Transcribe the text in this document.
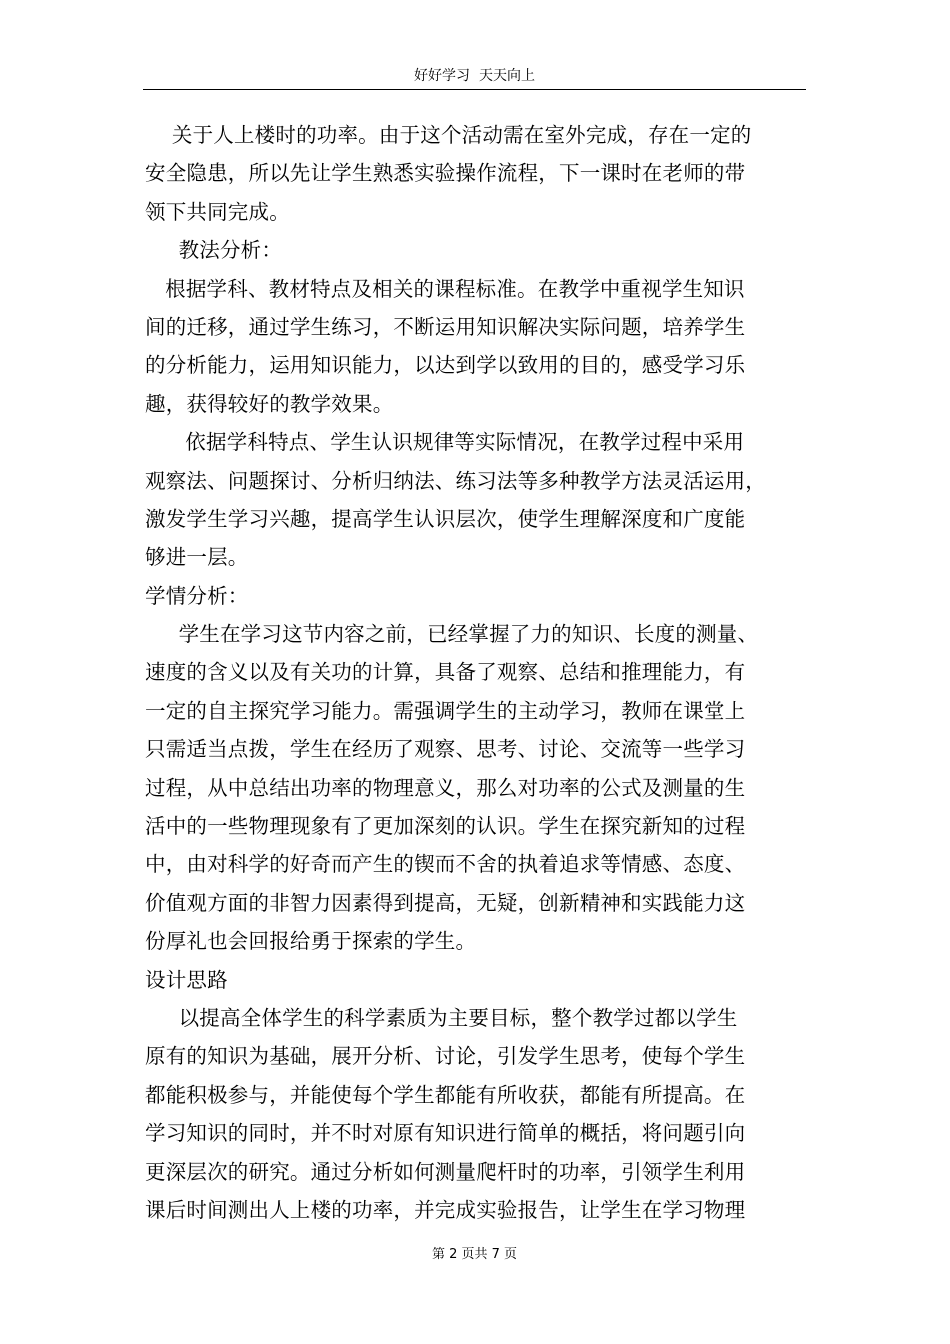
好好学习  天天向上
关于人上楼时的功率。由于这个活动需在室外完成，存在一定的
安全隐患，所以先让学生熟悉实验操作流程，下一课时在老师的带
领下共同完成。
教法分析：
根据学科、教材特点及相关的课程标准。在教学中重视学生知识
间的迁移，通过学生练习，不断运用知识解决实际问题，培养学生
的分析能力，运用知识能力，以达到学以致用的目的，感受学习乐
趣，获得较好的教学效果。
依据学科特点、学生认识规律等实际情况，在教学过程中采用
观察法、问题探讨、分析归纳法、练习法等多种教学方法灵活运用，
激发学生学习兴趣，提高学生认识层次，使学生理解深度和广度能
够进一层。
学情分析：
学生在学习这节内容之前，已经掌握了力的知识、长度的测量、
速度的含义以及有关功的计算，具备了观察、总结和推理能力，有
一定的自主探究学习能力。需强调学生的主动学习，教师在课堂上
只需适当点拨，学生在经历了观察、思考、讨论、交流等一些学习
过程，从中总结出功率的物理意义，那么对功率的公式及测量的生
活中的一些物理现象有了更加深刻的认识。学生在探究新知的过程
中，由对科学的好奇而产生的锲而不舍的执着追求等情感、态度、
价值观方面的非智力因素得到提高，无疑，创新精神和实践能力这
份厚礼也会回报给勇于探索的学生。
设计思路
以提高全体学生的科学素质为主要目标，整个教学过都以学生
原有的知识为基础，展开分析、讨论，引发学生思考，使每个学生
都能积极参与，并能使每个学生都能有所收获，都能有所提高。在
学习知识的同时，并不时对原有知识进行简单的概括，将问题引向
更深层次的研究。通过分析如何测量爬杆时的功率，引领学生利用
课后时间测出人上楼的功率，并完成实验报告，让学生在学习物理
第 2 页共 7 页
